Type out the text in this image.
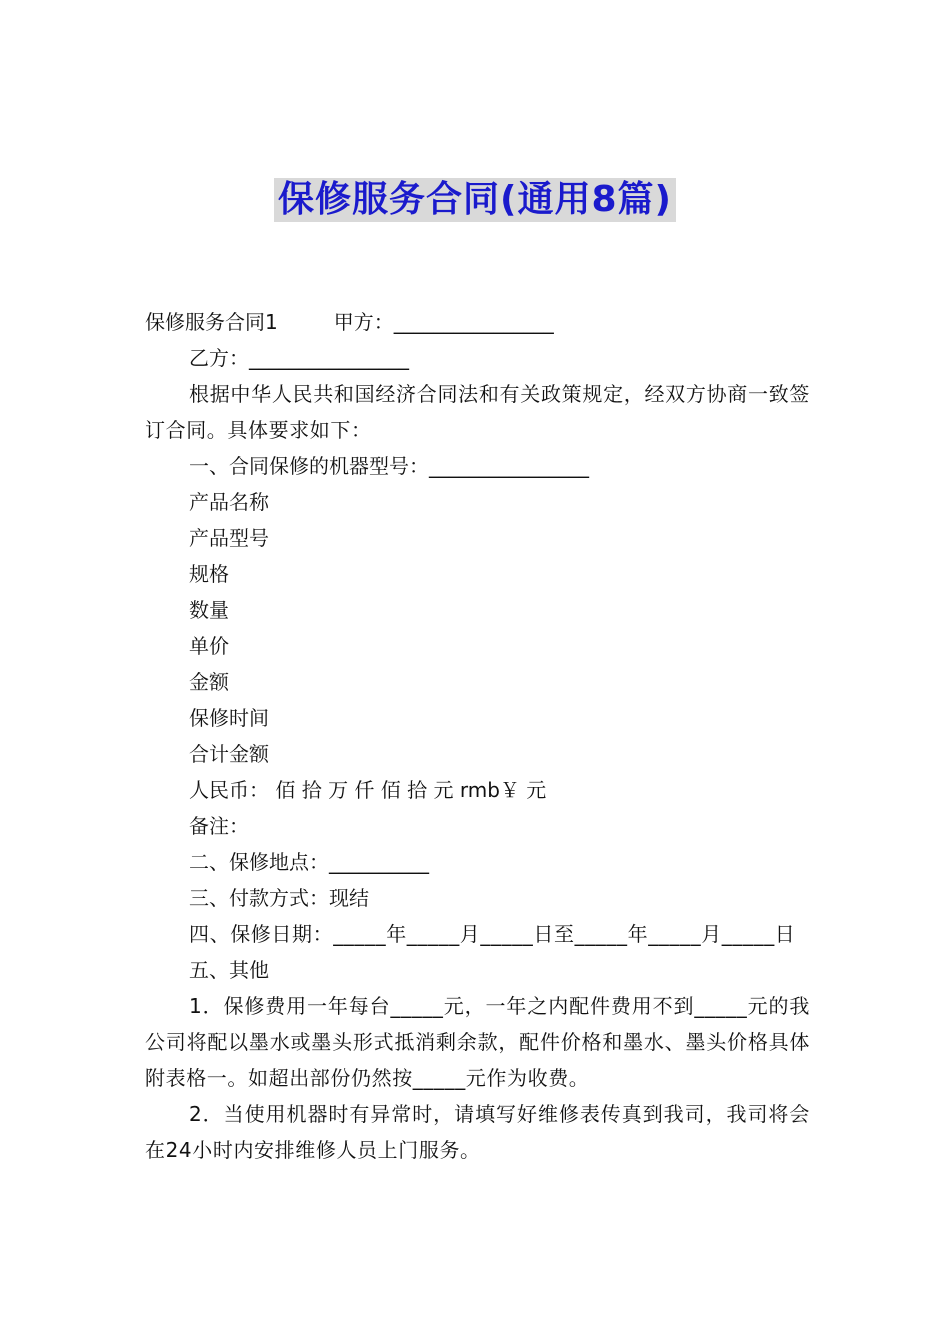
保修服务合同(通用8篇)
保修服务合同1	甲方：________________
乙方：________________
根据中华人民共和国经济合同法和有关政策规定，经双方协商一致签订合同。具体要求如下：
一、合同保修的机器型号：________________
产品名称
产品型号
规格
数量
单价
金额
保修时间
合计金额
人民币： 佰 拾 万 仟 佰 拾 元 rmb￥ 元
备注：
二、保修地点：__________
三、付款方式：现结
四、保修日期：_____年_____月_____日至_____年_____月_____日
五、其他
1．保修费用一年每台_____元，一年之内配件费用不到_____元的我公司将配以墨水或墨头形式抵消剩余款，配件价格和墨水、墨头价格具体附表格一。如超出部份仍然按_____元作为收费。
2．当使用机器时有异常时，请填写好维修表传真到我司，我司将会在24小时内安排维修人员上门服务。
